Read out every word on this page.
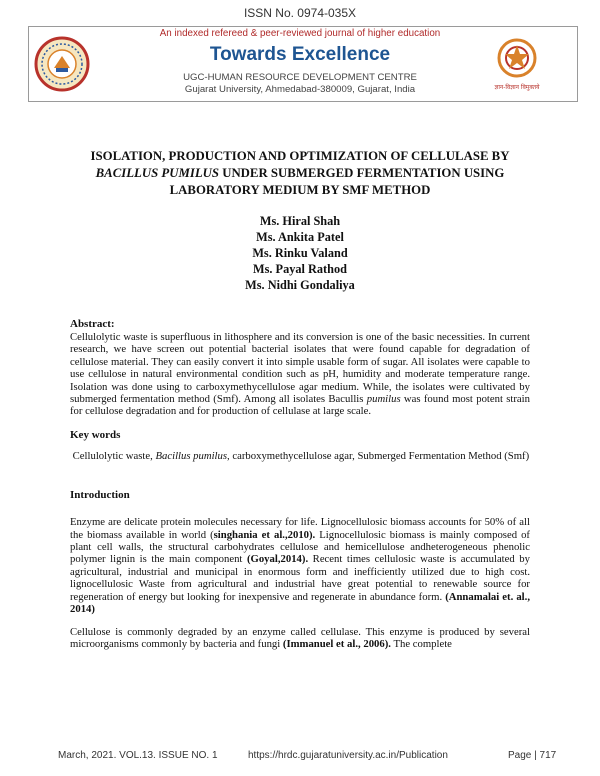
ज्ञान-विज्ञान विमुक्तये
ISSN No. 0974-035X
An indexed refereed & peer-reviewed journal of higher education
Towards Excellence
UGC-HUMAN RESOURCE DEVELOPMENT CENTRE
Gujarat University, Ahmedabad-380009, Gujarat, India
ISOLATION, PRODUCTION AND OPTIMIZATION OF CELLULASE BY
BACILLUS PUMILUS UNDER SUBMERGED FERMENTATION USING
LABORATORY MEDIUM BY SMF METHOD
Ms. Hiral Shah
Ms. Ankita Patel
Ms. Rinku Valand
Ms. Payal Rathod
Ms. Nidhi Gondaliya
Abstract:

Cellulolytic waste is superfluous in lithosphere and its conversion is one of the basic necessities. In current research, we have screen out potential bacterial isolates that were found capable for degradation of cellulose material. They can easily convert it into simple usable form of sugar. All isolates were capable to use cellulose in natural environmental condition such as pH, humidity and moderate temperature range. Isolation was done using to carboxymethycellulose agar medium. While, the isolates were cultivated by submerged fermentation method (Smf). Among all isolates Bacullis pumilus was found most potent strain for cellulose degradation and for production of cellulase at large scale.

Key words

Cellulolytic waste, Bacillus pumilus, carboxymethycellulose agar, Submerged Fermentation Method (Smf)

Introduction

Enzyme are delicate protein molecules necessary for life. Lignocellulosic biomass accounts for 50% of all the biomass available in world (singhania et al.,2010). Lignocellulosic biomass is mainly composed of plant cell walls, the structural carbohydrates cellulose and hemicellulose andheterogeneous phenolic polymer lignin is the main component (Goyal,2014). Recent times cellulosic waste is accumulated by agricultural, industrial and municipal in enormous form and inefficiently utilized due to high cost. lignocellulosic Waste from agricultural and industrial have great potential to renewable source for regeneration of energy but looking for inexpensive and regenerate in abundance form. (Annamalai et. al., 2014)

Cellulose is commonly degraded by an enzyme called cellulase. This enzyme is produced by several microorganisms commonly by bacteria and fungi (Immanuel et al., 2006). The complete

March, 2021. VOL.13. ISSUE NO. 1	https://hrdc.gujaratuniversity.ac.in/Publication	Page | 717
